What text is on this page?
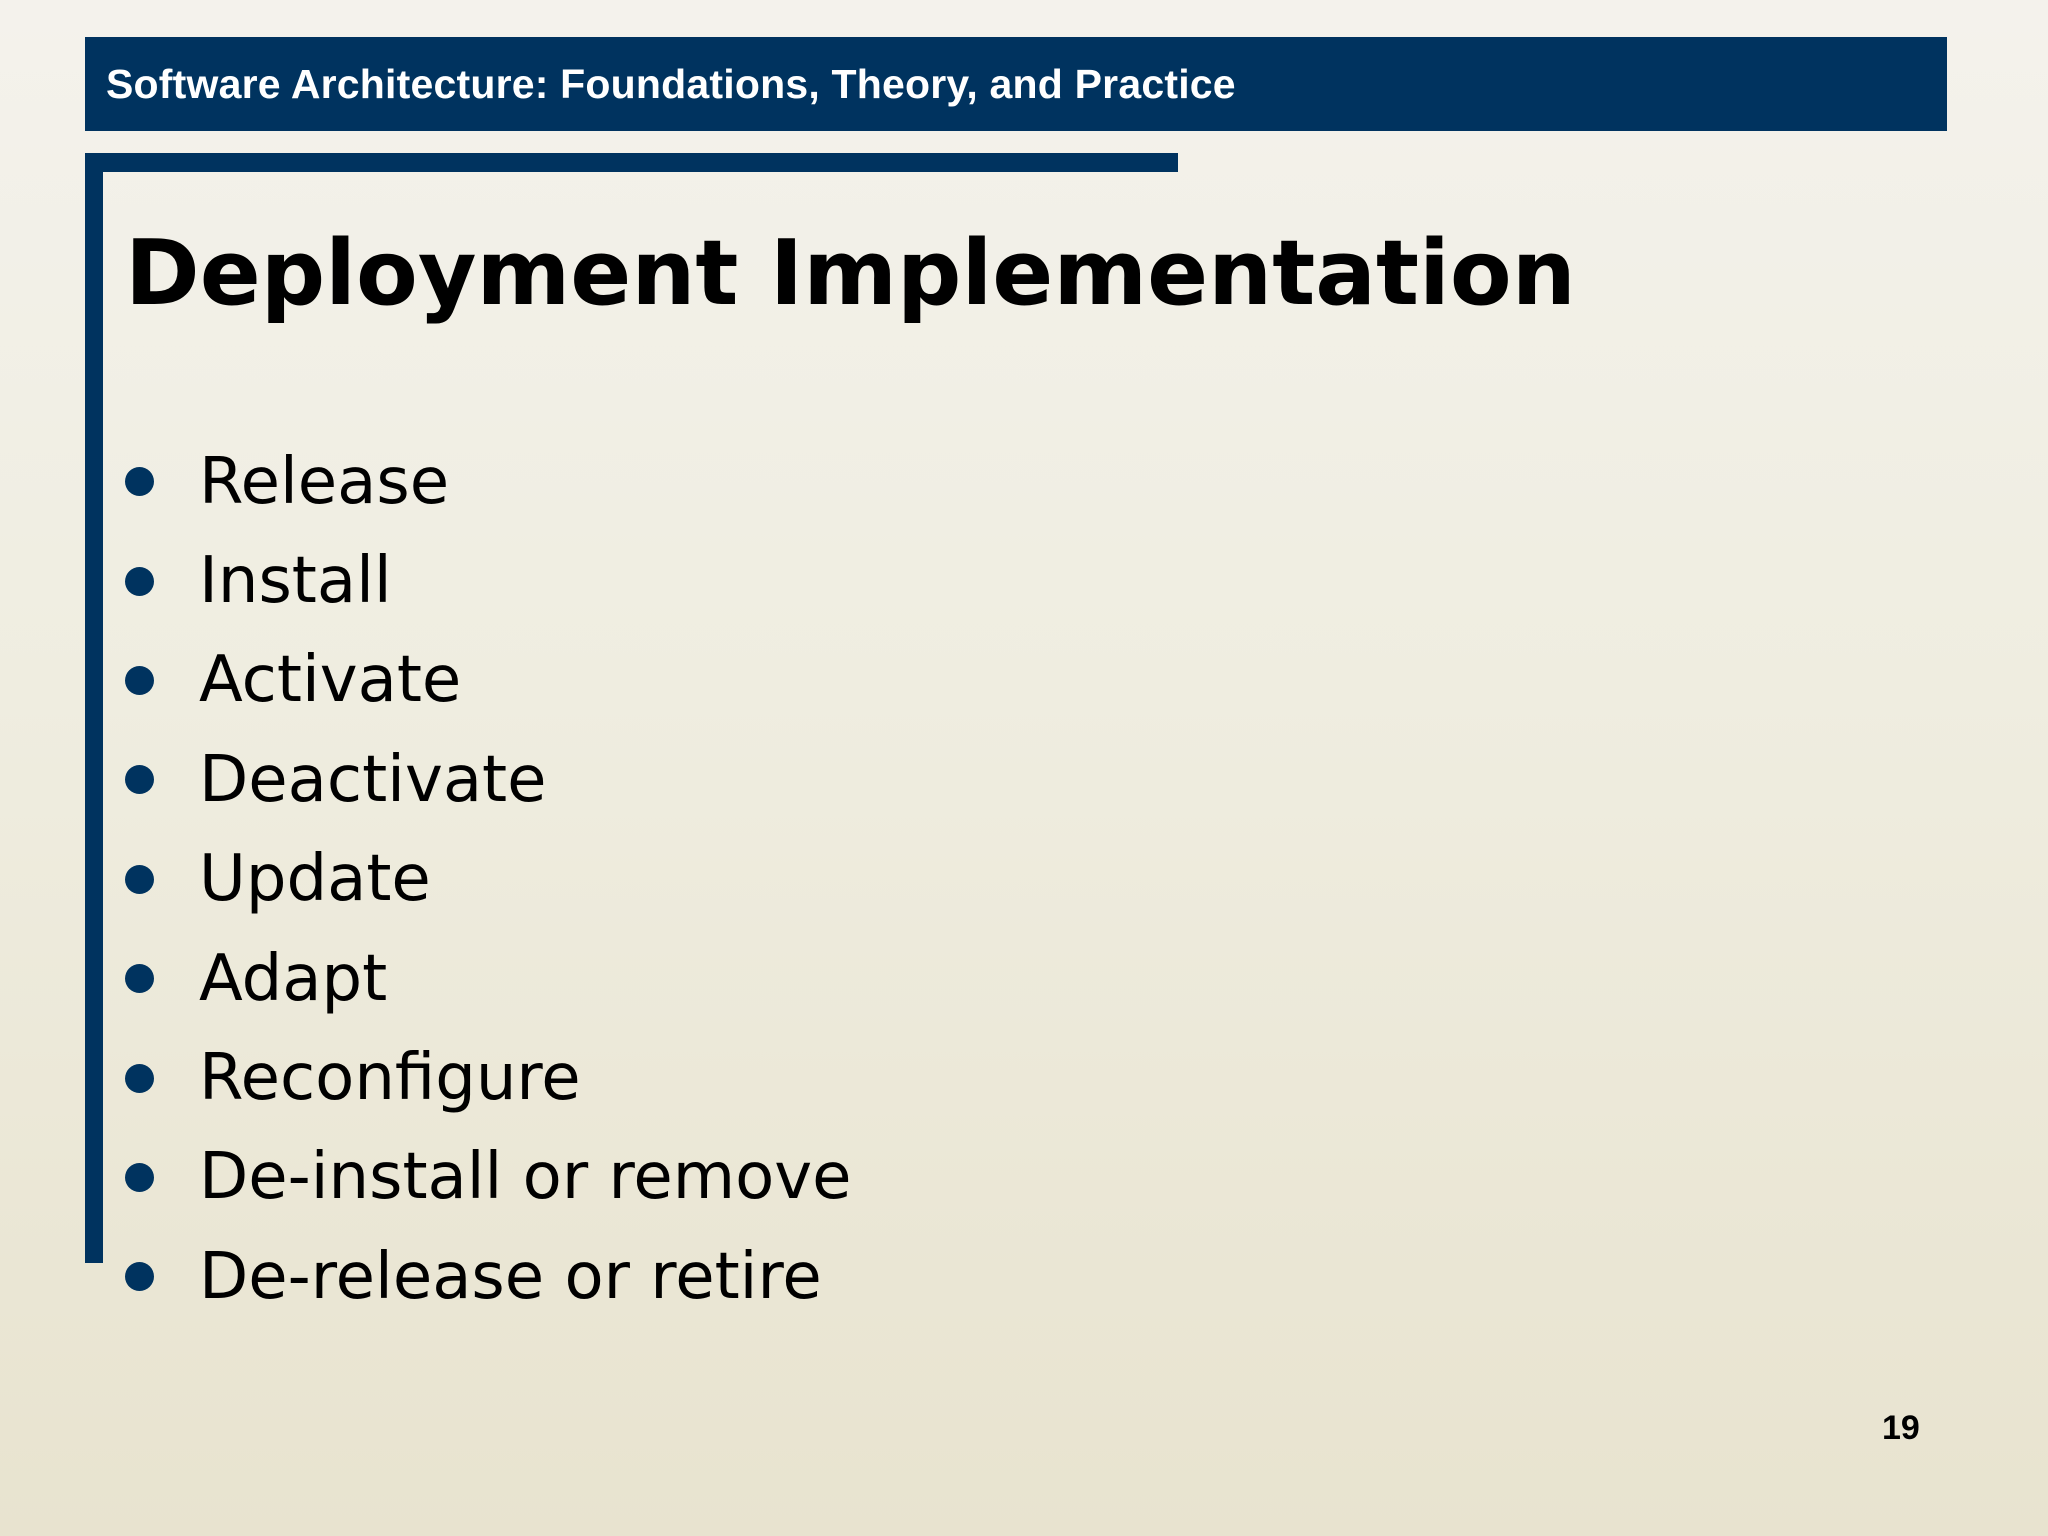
Software Architecture: Foundations, Theory, and Practice
Deployment Implementation
Release
Install
Activate
Deactivate
Update
Adapt
Reconfigure
De-install or remove
De-release or retire
19
